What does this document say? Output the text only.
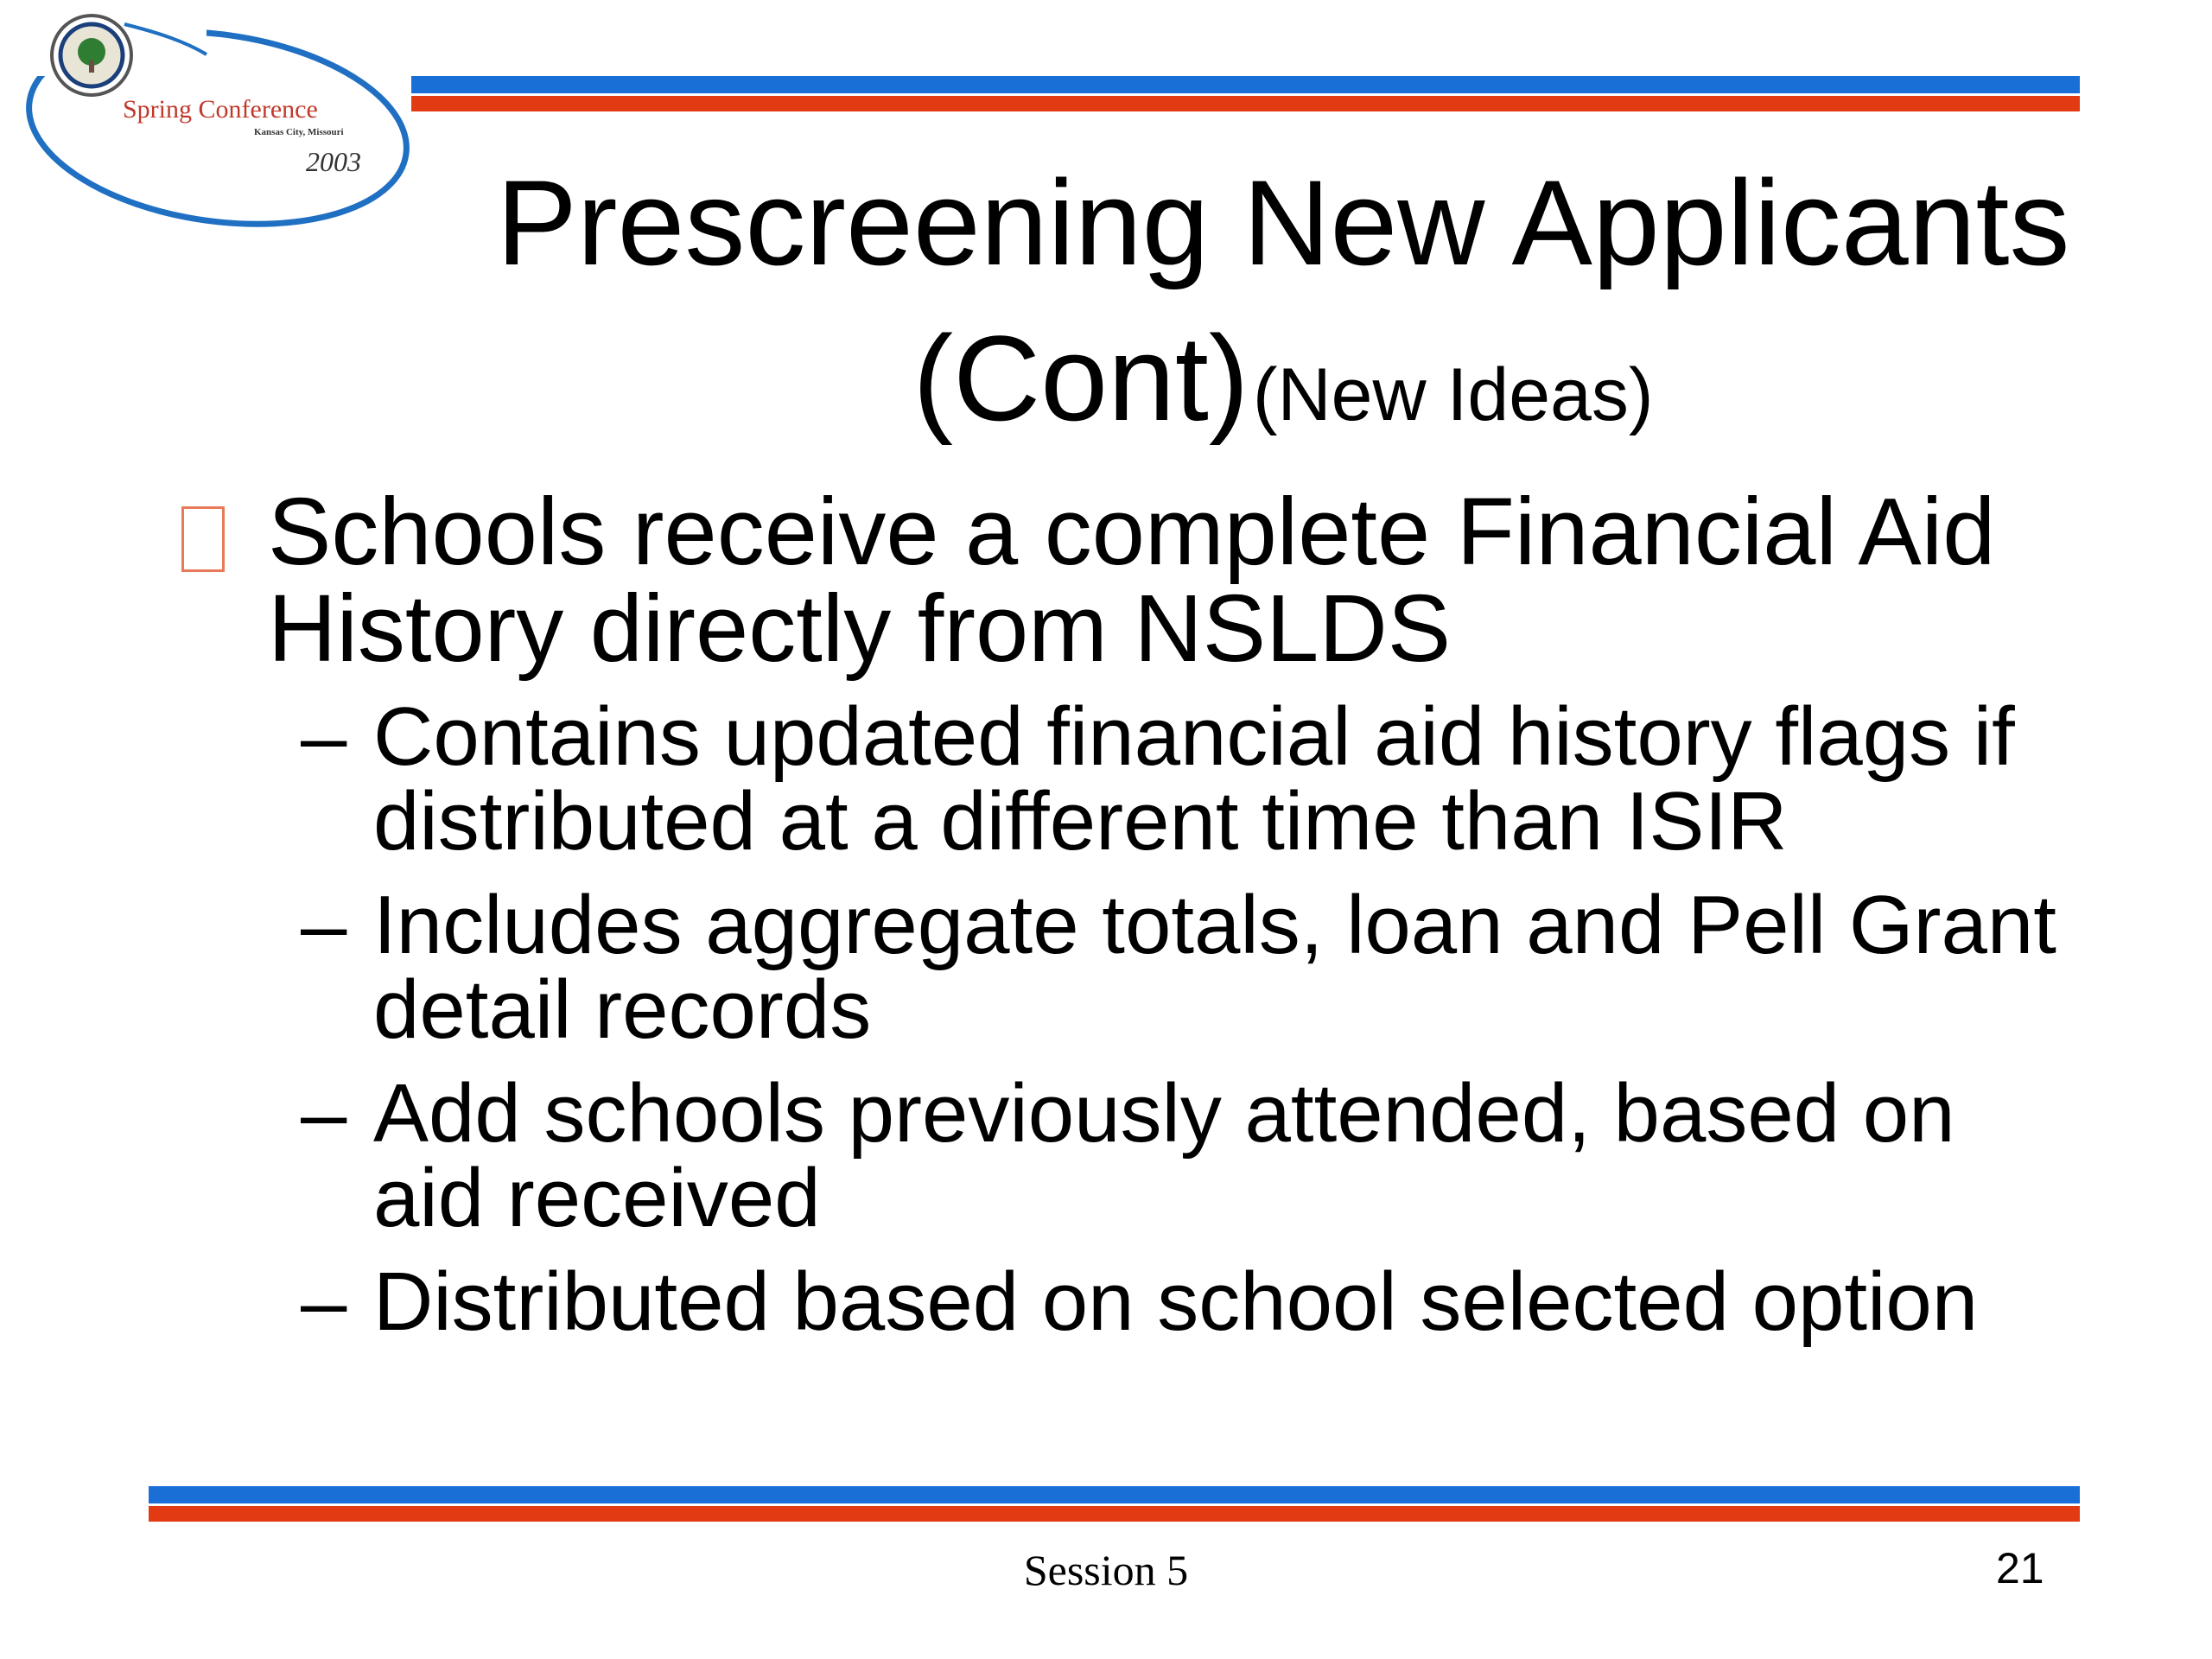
Spring Conference
Kansas City, Missouri
2003	Prescreening New Applicants
(Cont) (New Ideas)
Schools receive a complete Financial Aid History directly from NSLDS
– Contains updated financial aid history flags if distributed at a different time than ISIR
– Includes aggregate totals, loan and Pell Grant detail records
– Add schools previously attended, based on aid received
– Distributed based on school selected option
Session 5	21
